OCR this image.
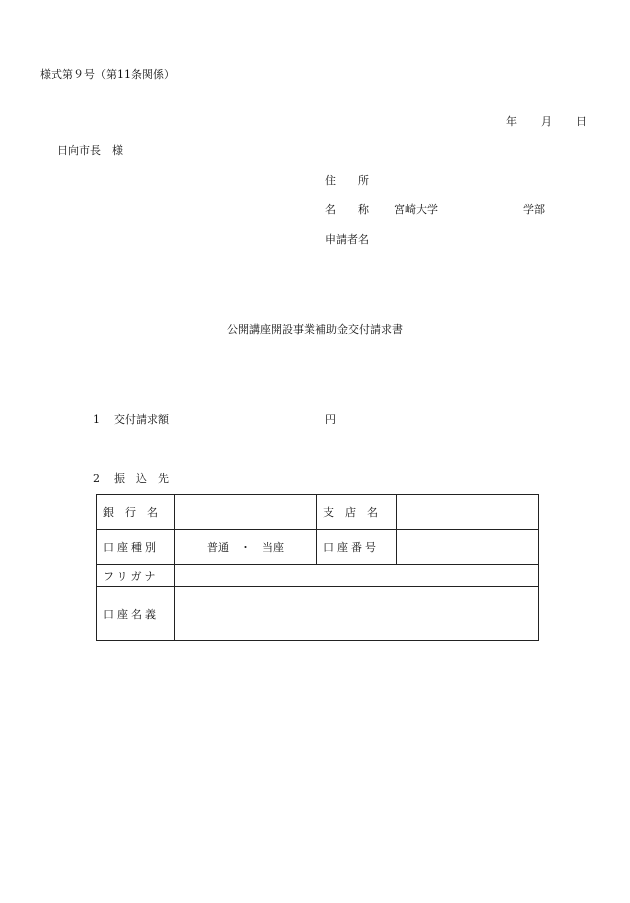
様式第９号（第11条関係）
年 月 日
日向市長　様
住　　所
名　　称 宮崎大学	学部
申請者名
公開講座開設事業補助金交付請求書
1 交付請求額	円
2 振　込　先
銀　行　名		支　店　名	
口座種別	普通　・　当座	口座番号	
フリガナ			
口座名義			
